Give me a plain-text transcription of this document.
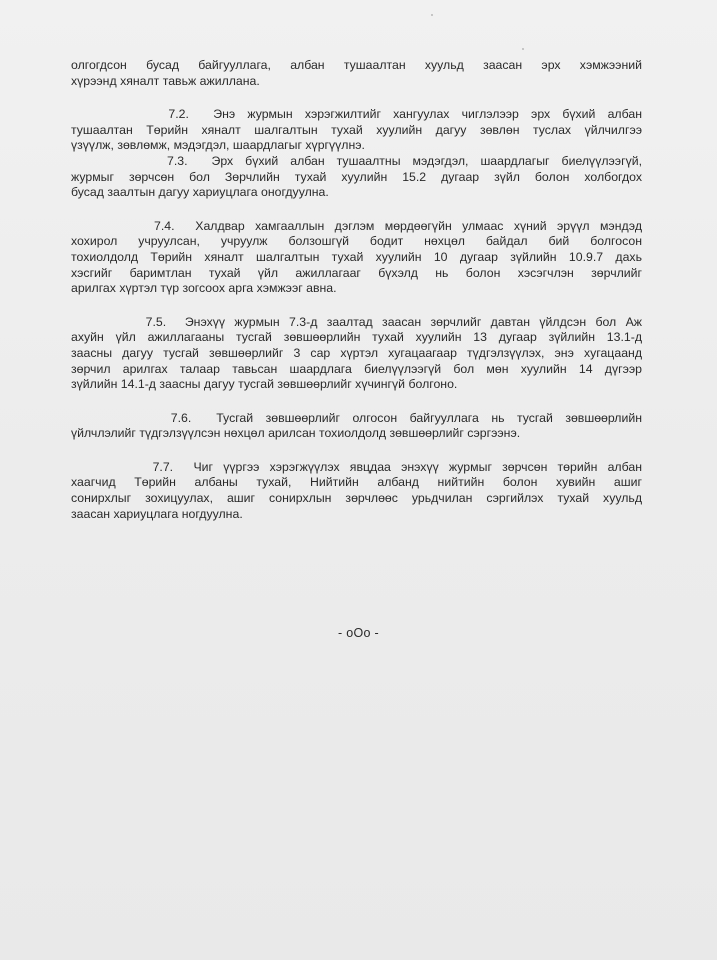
олгогдсон бусад байгууллага, албан тушаалтан хуульд заасан эрх хэмжээний
хүрээнд хяналт тавьж ажиллана.

7.2.  Энэ журмын хэрэгжилтийг хангуулах чиглэлээр эрх бүхий албан
тушаалтан Төрийн хяналт шалгалтын тухай хуулийн дагуу зөвлөн туслах үйлчилгээ
үзүүлж, зөвлөмж, мэдэгдэл, шаардлагыг хүргүүлнэ.

7.3.  Эрх бүхий албан тушаалтны мэдэгдэл, шаардлагыг биелүүлээгүй,
журмыг зөрчсөн бол Зөрчлийн тухай хуулийн 15.2 дугаар зүйл болон холбогдох
бусад заалтын дагуу хариуцлага оногдуулна.

7.4.  Халдвар хамгааллын дэглэм мөрдөөгүйн улмаас хүний эрүүл мэндэд
хохирол учруулсан, учруулж болзошгүй бодит нөхцөл байдал бий болгосон
тохиолдолд Төрийн хяналт шалгалтын тухай хуулийн 10 дугаар зүйлийн 10.9.7 дахь
хэсгийг баримтлан тухай үйл ажиллагааг бүхэлд нь болон хэсэгчлэн зөрчлийг
арилгах хүртэл түр зогсоох арга хэмжээг авна.

7.5.  Энэхүү журмын 7.3-д заалтад заасан зөрчлийг давтан үйлдсэн бол Аж
ахуйн үйл ажиллагааны тусгай зөвшөөрлийн тухай хуулийн 13 дугаар зүйлийн 13.1-д
заасны дагуу тусгай зөвшөөрлийг 3 сар хүртэл хугацаагаар түдгэлзүүлэх, энэ хугацаанд
зөрчил арилгах талаар тавьсан шаардлага биелүүлээгүй бол мөн хуулийн 14 дүгээр
зүйлийн 14.1-д заасны дагуу тусгай зөвшөөрлийг хүчингүй болгоно.

7.6.  Тусгай зөвшөөрлийг олгосон байгууллага нь тусгай зөвшөөрлийн
үйлчлэлийг түдгэлзүүлсэн нөхцөл арилсан тохиолдолд зөвшөөрлийг сэргээнэ.

7.7.  Чиг үүргээ хэрэгжүүлэх явцдаа энэхүү журмыг зөрчсөн төрийн албан
хаагчид Төрийн албаны тухай, Нийтийн албанд нийтийн болон хувийн ашиг
сонирхлыг зохицуулах, ашиг сонирхлын зөрчлөөс урьдчилан сэргийлэх тухай хуульд
заасан хариуцлага ногдуулна.

- oOo -
